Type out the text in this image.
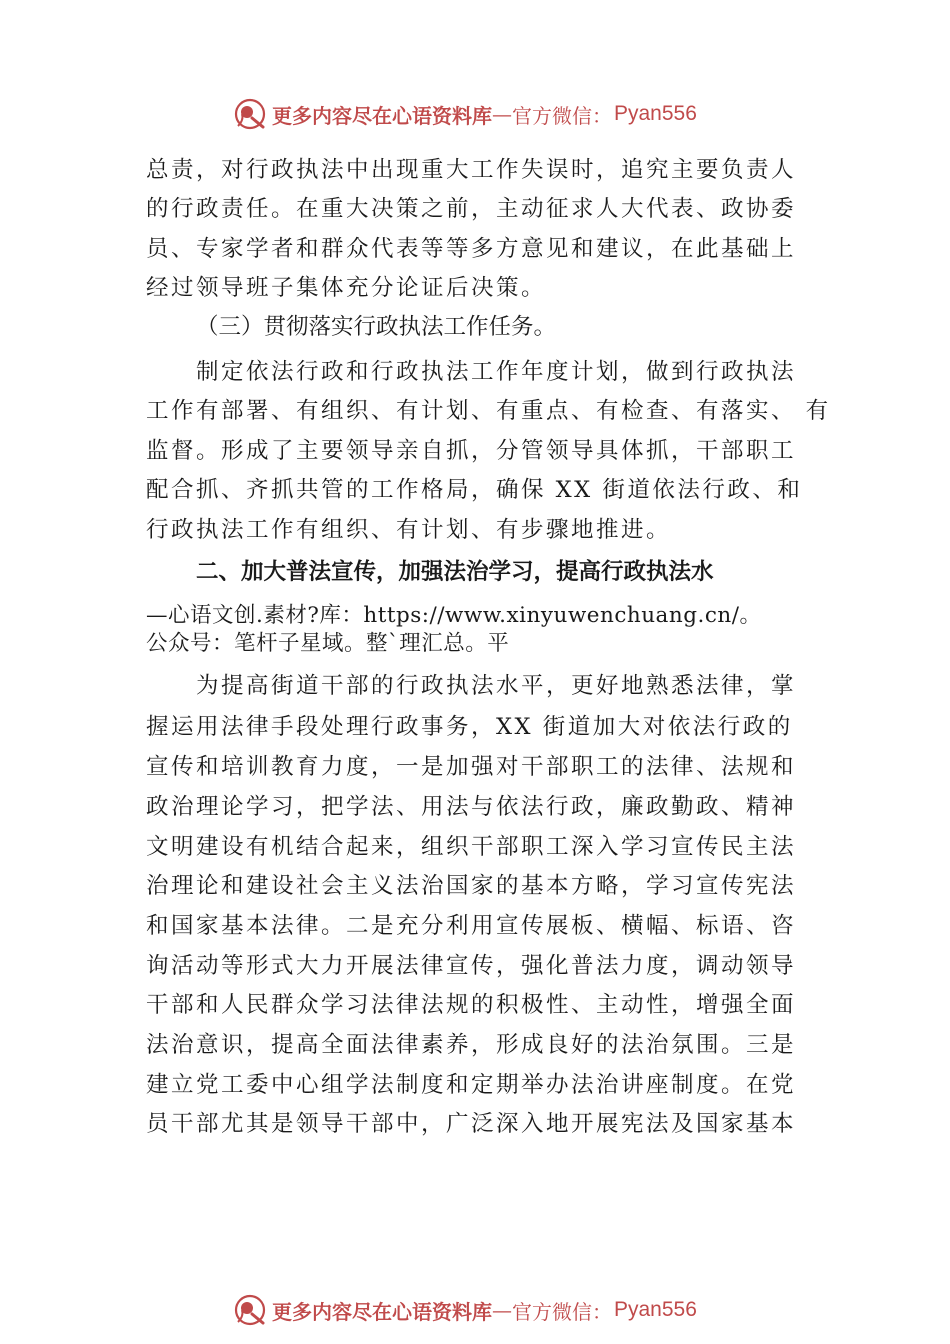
更多内容尽在心语资料库 — 官方微信： Pyan556
总责，对行政执法中出现重大工作失误时，追究主要负责人
的行政责任。在重大决策之前，主动征求人大代表、政协委
员、专家学者和群众代表等等多方意见和建议，在此基础上
经过领导班子集体充分论证后决策。
（三）贯彻落实行政执法工作任务。
制定依法行政和行政执法工作年度计划，做到行政执法
工作有部署、有组织、有计划、有重点、有检查、有落实、 有
监督。形成了主要领导亲自抓，分管领导具体抓，干部职工
配合抓、齐抓共管的工作格局，确保 XX 街道依法行政、和
行政执法工作有组织、有计划、有步骤地推进。
二、加大普法宣传，加强法治学习，提高行政执法水
—心语文创.素材?库：https://www.xinyuwenchuang.cn/。
公众号：笔杆子星域。整`理汇总。平
为提高街道干部的行政执法水平，更好地熟悉法律，掌
握运用法律手段处理行政事务，XX 街道加大对依法行政的
宣传和培训教育力度，一是加强对干部职工的法律、法规和
政治理论学习，把学法、用法与依法行政，廉政勤政、精神
文明建设有机结合起来，组织干部职工深入学习宣传民主法
治理论和建设社会主义法治国家的基本方略，学习宣传宪法
和国家基本法律。二是充分利用宣传展板、横幅、标语、咨
询活动等形式大力开展法律宣传，强化普法力度，调动领导
干部和人民群众学习法律法规的积极性、主动性，增强全面
法治意识，提高全面法律素养，形成良好的法治氛围。三是
建立党工委中心组学法制度和定期举办法治讲座制度。在党
员干部尤其是领导干部中，广泛深入地开展宪法及国家基本
更多内容尽在心语资料库 — 官方微信： Pyan556
